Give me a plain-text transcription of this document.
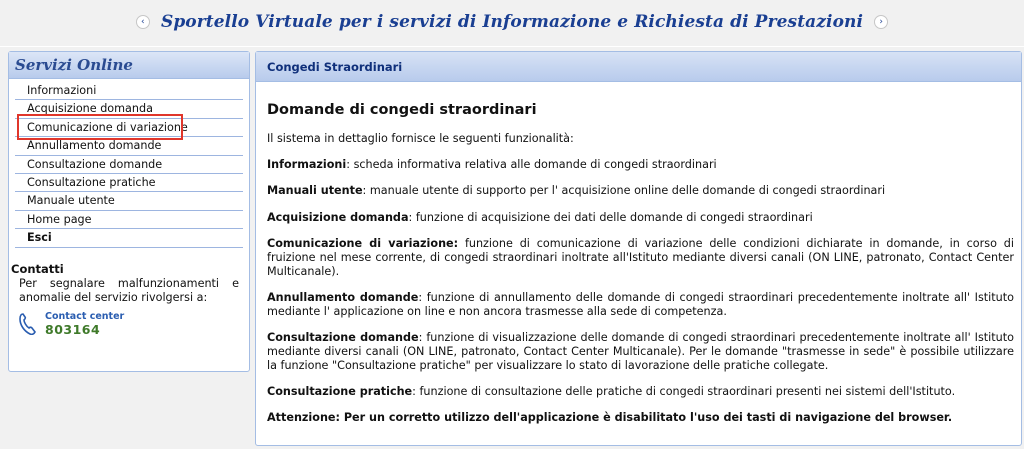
‹ Sportello Virtuale per i servizi di Informazione e Richiesta di Prestazioni ›
Servizi Online
Informazioni
Acquisizione domanda
Comunicazione di variazione
Annullamento domande
Consultazione domande
Consultazione pratiche
Manuale utente
Home page
Esci
Contatti
Per segnalare malfunzionamenti e anomalie del servizio rivolgersi a:
Contact center
803164
Congedi Straordinari
Domande di congedi straordinari

Il sistema in dettaglio fornisce le seguenti funzionalità:

Informazioni: scheda informativa relativa alle domande di congedi straordinari

Manuali utente: manuale utente di supporto per l' acquisizione online delle domande di congedi straordinari

Acquisizione domanda: funzione di acquisizione dei dati delle domande di congedi straordinari

Comunicazione di variazione: funzione di comunicazione di variazione delle condizioni dichiarate in domande, in corso di fruizione nel mese corrente, di congedi straordinari inoltrate all'Istituto mediante diversi canali (ON LINE, patronato, Contact Center Multicanale).

Annullamento domande: funzione di annullamento delle domande di congedi straordinari precedentemente inoltrate all' Istituto mediante l' applicazione on line e non ancora trasmesse alla sede di competenza.

Consultazione domande: funzione di visualizzazione delle domande di congedi straordinari precedentemente inoltrate all' Istituto mediante diversi canali (ON LINE, patronato, Contact Center Multicanale). Per le domande "trasmesse in sede" è possibile utilizzare la funzione "Consultazione pratiche" per visualizzare lo stato di lavorazione delle pratiche collegate.

Consultazione pratiche: funzione di consultazione delle pratiche di congedi straordinari presenti nei sistemi dell'Istituto.

Attenzione: Per un corretto utilizzo dell'applicazione è disabilitato l'uso dei tasti di navigazione del browser.
